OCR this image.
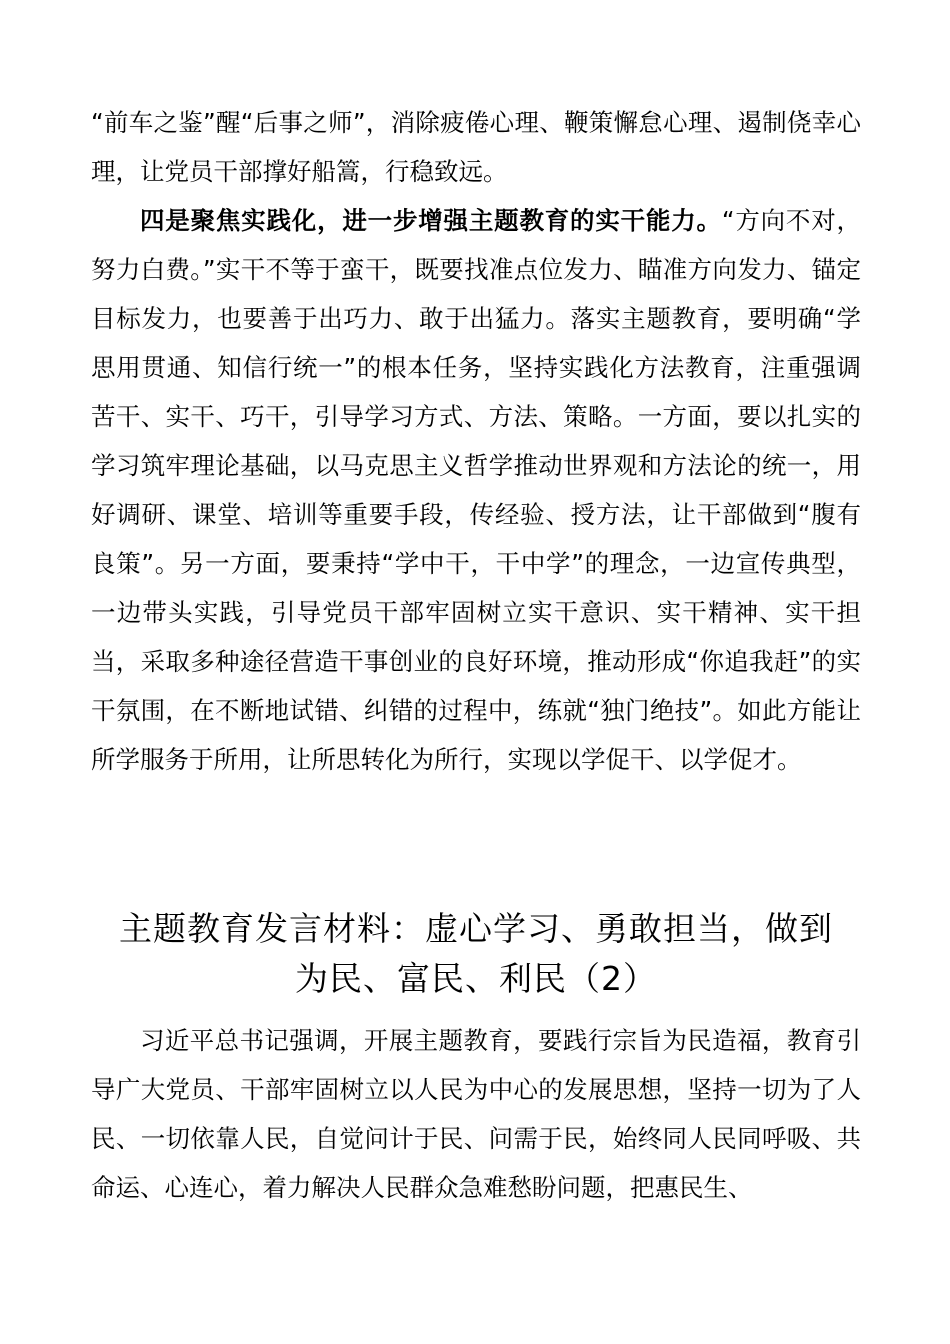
“前车之鉴”醒“后事之师”，消除疲倦心理、鞭策懈怠心理、遏制侥幸心理，让党员干部撑好船篙，行稳致远。

四是聚焦实践化，进一步增强主题教育的实干能力。“方向不对，努力白费。”实干不等于蛮干，既要找准点位发力、瞄准方向发力、锚定目标发力，也要善于出巧力、敢于出猛力。落实主题教育，要明确“学思用贯通、知信行统一”的根本任务，坚持实践化方法教育，注重强调苦干、实干、巧干，引导学习方式、方法、策略。一方面，要以扎实的学习筑牢理论基础，以马克思主义哲学推动世界观和方法论的统一，用好调研、课堂、培训等重要手段，传经验、授方法，让干部做到“腹有良策”。另一方面，要秉持“学中干，干中学”的理念，一边宣传典型，一边带头实践，引导党员干部牢固树立实干意识、实干精神、实干担当，采取多种途径营造干事创业的良好环境，推动形成“你追我赶”的实干氛围，在不断地试错、纠错的过程中，练就“独门绝技”。如此方能让所学服务于所用，让所思转化为所行，实现以学促干、以学促才。

主题教育发言材料：虚心学习、勇敢担当，做到
为民、富民、利民（2）

习近平总书记强调，开展主题教育，要践行宗旨为民造福，教育引导广大党员、干部牢固树立以人民为中心的发展思想，坚持一切为了人民、一切依靠人民，自觉问计于民、问需于民，始终同人民同呼吸、共命运、心连心，着力解决人民群众急难愁盼问题，把惠民生、
